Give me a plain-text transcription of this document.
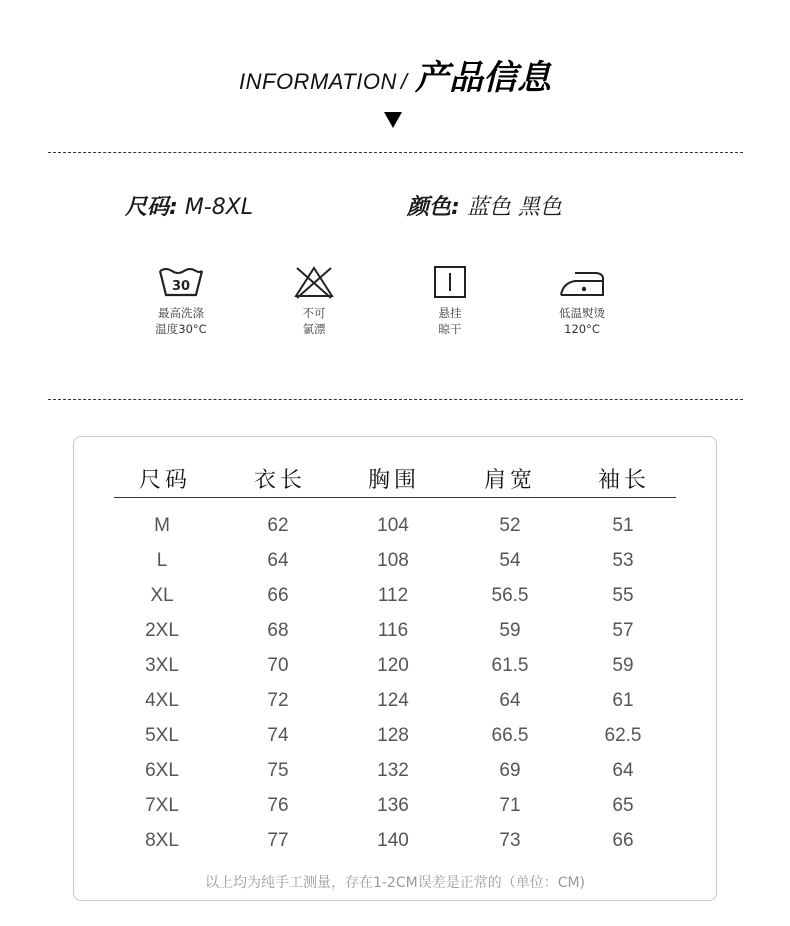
INFORMATION / 产品信息
尺码: M-8XL	颜色: 蓝色 黑色
30
最高洗涤
温度30°C
不可
氯漂
悬挂
晾干
低温熨烫
120°C
尺码	衣长	胸围	肩宽	袖长
M	62	104	52	51
L	64	108	54	53
XL	66	112	56.5	55
2XL	68	116	59	57
3XL	70	120	61.5	59
4XL	72	124	64	61
5XL	74	128	66.5	62.5
6XL	75	132	69	64
7XL	76	136	71	65
8XL	77	140	73	66
以上均为纯手工测量，存在1-2CM误差是正常的（单位：CM)
